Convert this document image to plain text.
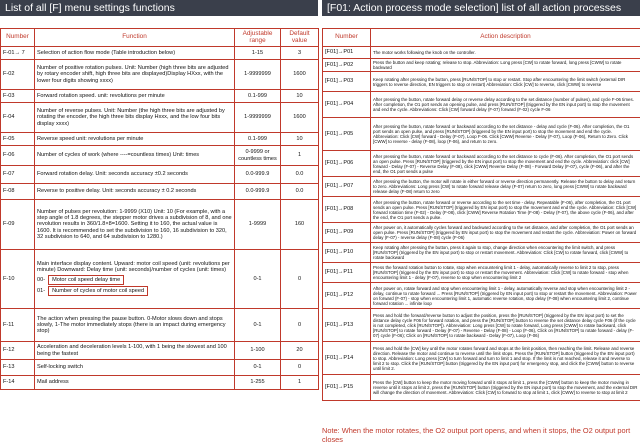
List of all [F] menu settings functions
Number	Function	Adjustable range	Default value
F-01→ 7	Selection of action flow mode (Table introduction below)	1-15	3
F-02	Number of positive rotation pulses. Unit: Number (high three bits are adjusted by rotary encoder shift, high three bits are displayed)Display HXxx, with the lower four digits showing xxxx)	1-9999999	1600
F-03	Forward rotation speed. unit: revolutions per minute	0.1-999	10
F-04	Number of reverse pulses. Unit: Number (the high three bits are adjusted by rotating the encoder, the high three bits display Hxxx, and the low four bits display xxxx)	1-9999999	1600
F-05	Reverse speed unit: revolutions per minute	0.1-999	10
F-06	Number of cycles of work (where ----=countless times) Unit: times	0-9999 or countless times	1
F-07	Forward rotation delay. Unit: seconds accuracy ±0.2 seconds	0.0-999.9	0.0
F-08	Reverse to positive delay. Unit: seconds accuracy ± 0.2 seconds	0.0-999.9	0.0
F-09	Number of pulses per revolution: 1-9999 (X10) Unit: 10 (For example, with a step angle of 1.8 degrees, the stepper motor drives a subdivision of 8, and one revolution results in 360/1.8×8=1600. Setting it to 160, the actual value is 1600. It is recommended to set the subdivision to 160, 16 subdivision to 320, 32 subdivision to 640, and 64 subdivision to 1280.)	1-9999	160
F-10	Main interface display content. Upward: motor coil speed (unit: revolutions per minute) Downward: Delay time (unit: seconds)/number of cycles (unit: times)
00- Motor coil speed delay time
01- Number of cycles of motor coil speed	0-1	0
F-11	The action when pressing the pause button. 0-Motor slows down and stops slowly, 1-The motor immediately stops (there is an impact during emergency stop)	0-1	0
F-12	Acceleration and deceleration levels 1-100, with 1 being the slowest and 100 being the fastest	1-100	20
F-13	Self-locking switch	0-1	0
F-14	Mail address	1-255	1
[F01: Action process mode selection] list of all action processes
Number	Action description
[F01]→P01	The motor works following the knob on the controller.
[F01]→P02	Press the button and keep rotating; release to stop. Abbreviation: Long press [CW] to rotate forward, long press [CWW] to rotate backward
[F01]→P03	Keep rotating after pressing the button, press [RUN/STOP] to stop or restart. Stop after encountering the limit switch (external DIR triggers to reverse direction, EN triggers to stop or restart) Abbreviation: Click [CW] to reverse, click [CWW] to reverse
[F01]→P04	After pressing the button, rotate forward delay or reverse delay according to the set distance (number of pulses), and cycle F-06 times. After completion, the O1 port sends an opening pulse, and press [RUN/STOP] (triggered by the EN input port) to stop the movement and end the cycle. Abbreviations: Click [CW] forward delay (F-07) forward (F-02) cycle F-06
[F01]→P05	After pressing the button, rotate forward or backward according to the set distance - delay and cycle (F-06). After completion, the O1 port sends an open pulse, and press [RUN/STOP] (triggered by the EN input port) to stop the movement and end the cycle. Abbreviation: Click [CW] forward - Delay (F-07), Loop F-06. Click [CWW] Reverse - Delay (F-07), Loop (F-06), Return to Zero. Click [CWW] to reverse - delay (F-08), loop (F-06), and return to zero.
[F01]→P06	After pressing the button, rotate forward or backward according to the set distance to cycle (F-06). After completion, the O1 port sends an open pulse. Press [RUN/STOP] (triggered by the EN input port) to stop the movement and end the cycle. Abbreviation: click [CW] forward - Delay (F-07) - Reverse Delay (F-08), click [CWW] Reverse Delay (F-08) - Forward Delay (F-07), cycle (F-06), and after the end, the O1 port sends a pulse
[F01]→P07	After pressing the button, the motor will rotate in either forward or reverse direction permanently. Release the button to delay and return to zero. Abbreviations: Long press [CW] to rotate forward release delay (F-07) return to zero, long press [CWW] to rotate backward release delay (F-08) return to zero
[F01]→P08	After pressing the button, rotate forward or reverse according to the set time - delay. Repeatable (F-06), after completion, the O1 port sends an open pulse. Press [RUN/STOP] (triggered by EN input port) to stop the movement and end the cycle. Abbreviation: Click [CW] forward rotation time (F-02) - Delay (F-08), click [CWW] Reverse Rotation Time (F-08) - Delay (F-07), the above cycle (F-06), and after the end, the O1 port sends a pulse.
[F01]→P09	After power on, it automatically cycles forward and backward according to the set distance, and after completion, the O1 port sends an open pulse. Press [RUN/STOP] (triggered by EN input port) to stop the movement and restart the cycle. Abbreviation: Power on forward delay (F-07) - reverse delay (F-08) cycle (F-06)
[F01]→P10	Keep rotating after pressing the button, press it again to stop, change direction when encountering the limit switch, and press [RUN/STOP] (triggered by the EN input port) to stop or restart movement. Abbreviation: Click [CW] to rotate forward, click [CWW] to rotate backward
[F01]→P11	Press the forward rotation button to rotate, stop when encountering limit 1 - delay, automatically reverse to limit 2 to stop, press [RUN/STOP] (triggered by the EN input port) to stop or restart the movement. Abbreviation: Click [CW] to rotate forward - stop when encountering limit 1 - delay (F-07), reverse to stop when encountering limit 2
[F01]→P12	After power on, rotate forward and stop when encountering limit 1 - delay, automatically reverse and stop when encountering limit 2 - delay, continue to rotate forward ... Press [RUN/STOP] (triggered by EN input port) to stop or restart the movement. Abbreviation: Power on forward (F-07) - stop when encountering limit 1, automatic reverse rotation, stop delay (F-08) when encountering limit 2, continue forward rotation ... infinite loop
[F01]→P13	Press and hold the forward/reverse button to adjust the position, press the [RUN/STOP] (triggered by the EN input port) to set the distance delay cycle F06 for forward rotation, and press the [RUN/STOP] button to reverse the set distance delay cycle F06 (if the cycle is not completed, click [RUN/STOP]). Abbreviation: Long press [CW] to rotate forward, Long press [CWW] to rotate backward, click [RUN/STOP] to rotate forward - Delay (F-07) - Reverse - Delay (F-08) - Loop (F-06), Click on [RUN/STOP] to rotate forward - delay (F-07) cycle (F-06); Click on [RUN/STOP] to rotate backward - Delay (F-07), Loop (F-06)
[F01]→P14	Press and hold the [CW] key until the motor rotates forward and stops at the limit position, then reaching the limit. Release and reverse direction. Release the motor and continue to reverse until the limit stops. Press the [RUN/STOP] button (triggered by the EN input port) to stop. Abbreviation: Long press [CW] to turn forward and turn to limit 1 and stop. If the limit is not reached, release it and reverse to limit 2 to stop. Click the [RUN/STOP] button (triggered by the EN input port) for emergency stop, and click the [CWW] button to reverse until limit 2.
[F01]→P15	Press the [CW] button to keep the motor moving forward until it stops at limit 1, press the [CWW] button to keep the motor moving in reverse until it stops at limit 2, press the [RUN/STOP] button (triggered by the EN input port) to stop the movement, and the external DIR will change the direction of movement. Abbreviation: Click [CW] to forward to stop at limit 1, click [CWW] to reverse to stop at limit 2
Note: When the motor rotates, the O2 output port opens, and when it stops, the O2 output port closes
